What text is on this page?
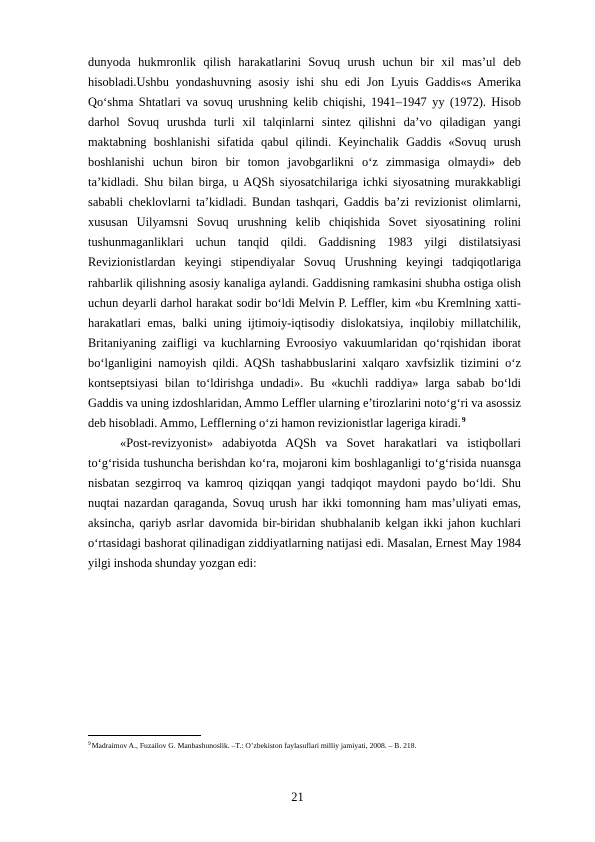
dunyoda hukmronlik qilish harakatlarini Sovuq urush uchun bir xil mas’ul deb hisobladi.Ushbu yondashuvning asosiy ishi shu edi Jon Lyuis Gaddis«s Amerika Qoʻshma Shtatlari va sovuq urushning kelib chiqishi, 1941–1947 yy (1972). Hisob darhol Sovuq urushda turli xil talqinlarni sintez qilishni da’vo qiladigan yangi maktabning boshlanishi sifatida qabul qilindi. Keyinchalik Gaddis «Sovuq urush boshlanishi uchun biron bir tomon javobgarlikni oʻz zimmasiga olmaydi» deb ta’kidladi. Shu bilan birga, u AQSh siyosatchilariga ichki siyosatning murakkabligi sababli cheklovlarni ta’kidladi. Bundan tashqari, Gaddis ba’zi revizionist olimlarni, xususan Uilyamsni Sovuq urushning kelib chiqishida Sovet siyosatining rolini tushunmaganliklari uchun tanqid qildi. Gaddisning 1983 yilgi distilatsiyasi Revizionistlardan keyingi stipendiyalar Sovuq Urushning keyingi tadqiqotlariga rahbarlik qilishning asosiy kanaliga aylandi. Gaddisning ramkasini shubha ostiga olish uchun deyarli darhol harakat sodir boʻldi Melvin P. Leffler, kim «bu Kremlning xatti-harakatlari emas, balki uning ijtimoiy-iqtisodiy dislokatsiya, inqilobiy millatchilik, Britaniyaning zaifligi va kuchlarning Evroosiyo vakuumlaridan qoʻrqishidan iborat boʻlganligini namoyish qildi. AQSh tashabbuslarini xalqaro xavfsizlik tizimini oʻz kontseptsiyasi bilan toʻldirishga undadi». Bu «kuchli raddiya» larga sabab boʻldi Gaddis va uning izdoshlaridan, Ammo Leffler ularning e’tirozlarini notoʻgʻri va asossiz deb hisobladi. Ammo, Lefflerning oʻzi hamon revizionistlar lageriga kiradi.$^9$

«Post-revizyonist» adabiyotda AQSh va Sovet harakatlari va istiqbollari toʻgʻrisida tushuncha berishdan koʻra, mojaroni kim boshlaganligi toʻgʻrisida nuansga nisbatan sezgirroq va kamroq qiziqqan yangi tadqiqot maydoni paydo boʻldi. Shu nuqtai nazardan qaraganda, Sovuq urush har ikki tomonning ham mas’uliyati emas, aksincha, qariyb asrlar davomida bir-biridan shubhalanib kelgan ikki jahon kuchlari oʻrtasidagi bashorat qilinadigan ziddiyatlarning natijasi edi. Masalan, Ernest May 1984 yilgi inshoda shunday yozgan edi:

$^9$Madraimov A., Fuzailov G. Manbashunoslik. –T.: O’zbekiston faylasuflari milliy jamiyati, 2008. – B. 218.
21
